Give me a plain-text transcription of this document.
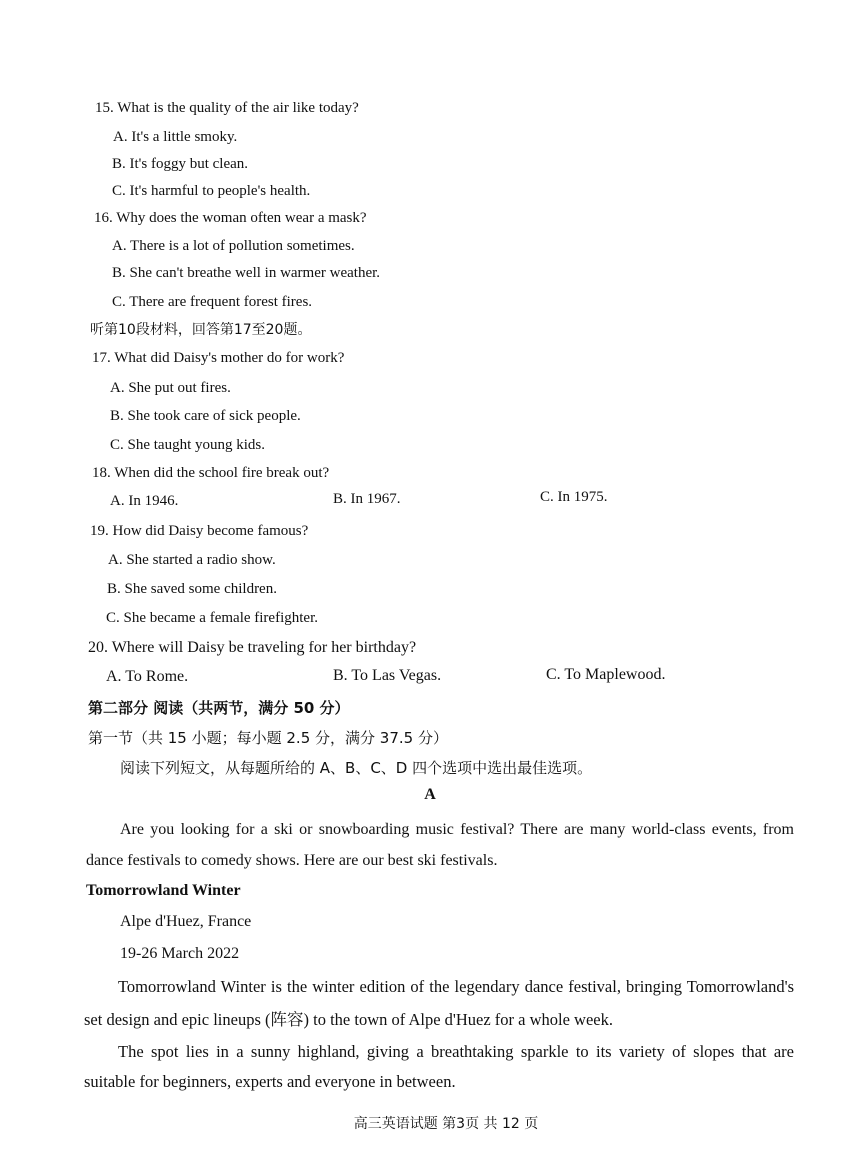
15. What is the quality of the air like today?
A. It's a little smoky.
B. It's foggy but clean.
C. It's harmful to people's health.
16. Why does the woman often wear a mask?
A. There is a lot of pollution sometimes.
B. She can't breathe well in warmer weather.
C. There are frequent forest fires.
听第10段材料，回答第17至20题。
17. What did Daisy's mother do for work?
A. She put out fires.
B. She took care of sick people.
C. She taught young kids.
18. When did the school fire break out?
A. In 1946.	B. In 1967.	C. In 1975.
19. How did Daisy become famous?
A. She started a radio show.
B. She saved some children.
C. She became a female firefighter.
20. Where will Daisy be traveling for her birthday?
A. To Rome.	B. To Las Vegas.	C. To Maplewood.
第二部分 阅读（共两节，满分 50 分）
第一节（共 15 小题；每小题 2.5 分，满分 37.5 分）
阅读下列短文，从每题所给的 A、B、C、D 四个选项中选出最佳选项。
A
Are you looking for a ski or snowboarding music festival? There are many world-class events, from dance festivals to comedy shows. Here are our best ski festivals.
Tomorrowland Winter
Alpe d'Huez, France
19-26 March 2022
Tomorrowland Winter is the winter edition of the legendary dance festival, bringing Tomorrowland's set design and epic lineups (阵容) to the town of Alpe d'Huez for a whole week.
The spot lies in a sunny highland, giving a breathtaking sparkle to its variety of slopes that are suitable for beginners, experts and everyone in between.
高三英语试题 第3页 共 12 页
